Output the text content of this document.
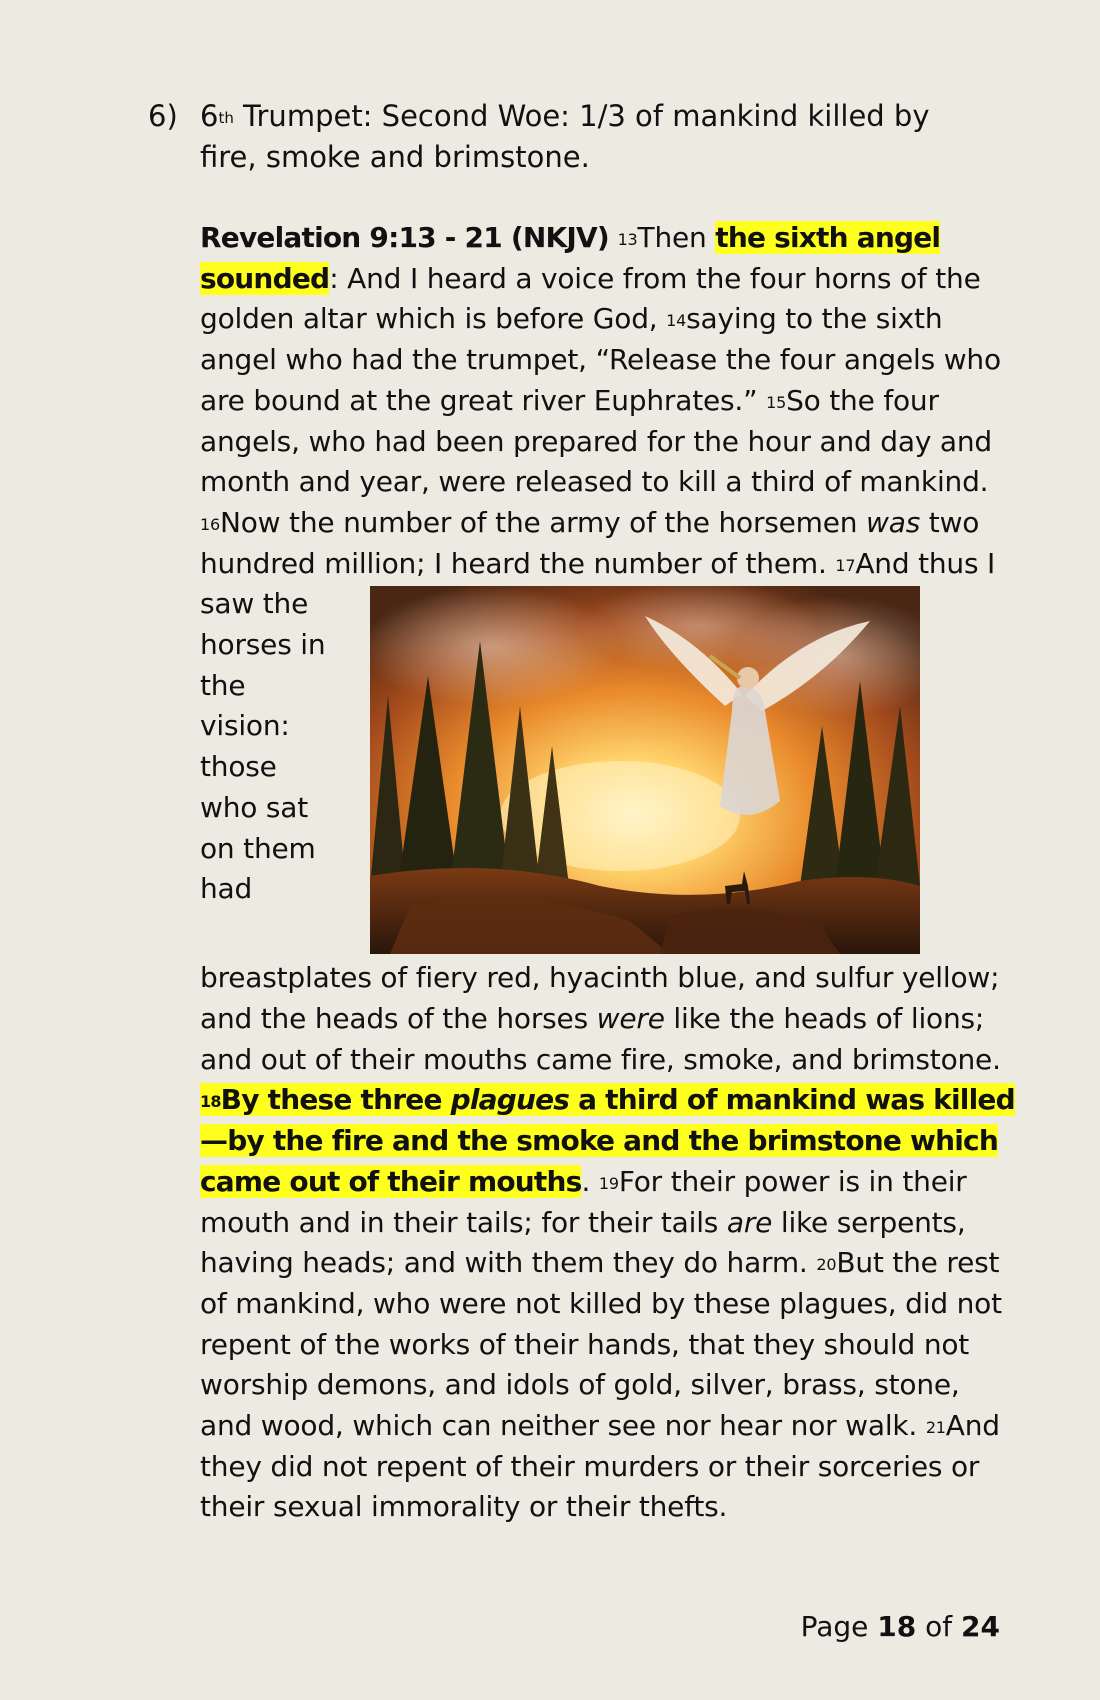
6) 6th Trumpet: Second Woe: 1/3 of mankind killed by fire, smoke and brimstone.

Revelation 9:13 - 21 (NKJV) $^{13}$Then the sixth angel sounded: And I heard a voice from the four horns of the golden altar which is before God, $^{14}$saying to the sixth angel who had the trumpet, “Release the four angels who are bound at the great river Euphrates.” $^{15}$So the four angels, who had been prepared for the hour and day and month and year, were released to kill a third of mankind. $^{16}$Now the number of the army of the horsemen was two hundred million; I heard the number of them. $^{17}$
And thus I saw the horses in the vision: those who sat on them had breastplates of fiery red, hyacinth blue, and sulfur yellow; and the heads of the horses were like the heads of lions; and out of their mouths came fire, smoke, and brimstone. $^{18}$By these three plagues a third of mankind was killed—by the fire and the smoke and the brimstone which came out of their mouths. $^{19}$For their power is in their mouth and in their tails; for their tails are like serpents, having heads; and with them they do harm. $^{20}$But the rest of mankind, who were not killed by these plagues, did not repent of the works of their hands, that they should not worship demons, and idols of gold, silver, brass, stone, and wood, which can neither see nor hear nor walk. $^{21}$And they did not repent of their murders or their sorceries or their sexual immorality or their thefts.

Page 18 of 24
